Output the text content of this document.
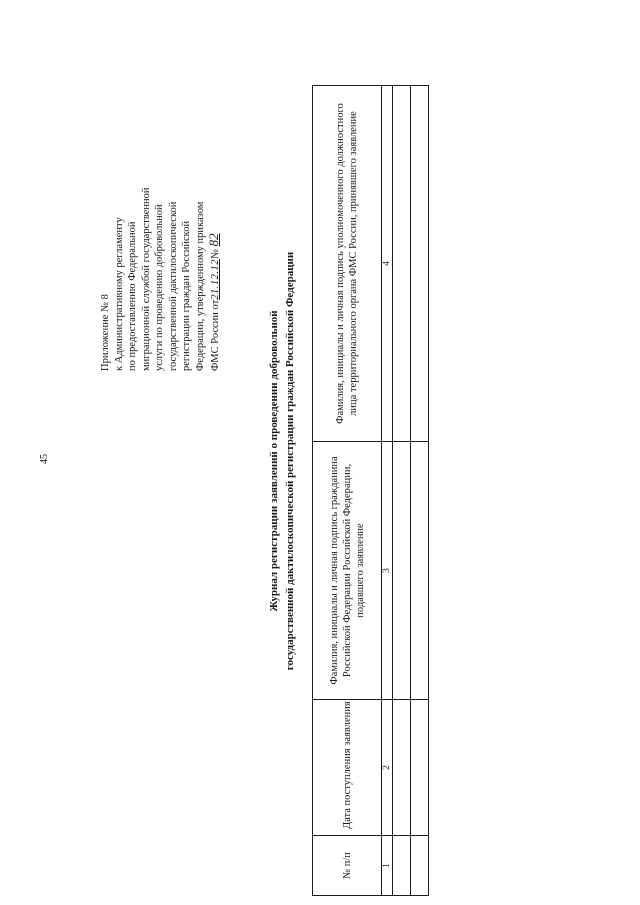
45
Приложение № 8 к Административному регламенту по предоставлению Федеральной миграционной службой государственной услуги по проведению добровольной государственной дактилоскопической регистрации граждан Российской Федерации, утвержденному приказом ФМС России от21.12.12№ 82
Журнал регистрации заявлений о проведении добровольной государственной дактилоскопической регистрации граждан Российской Федерации
№ п/п	Дата поступления заявления	Фамилия, инициалы и личная подпись гражданина Российской Федерации Российской Федерации, подавшего заявление	Фамилия, инициалы и личная подпись уполномоченного должностного лица территориального органа ФМС России, принявшего заявление
1	2	3	4
